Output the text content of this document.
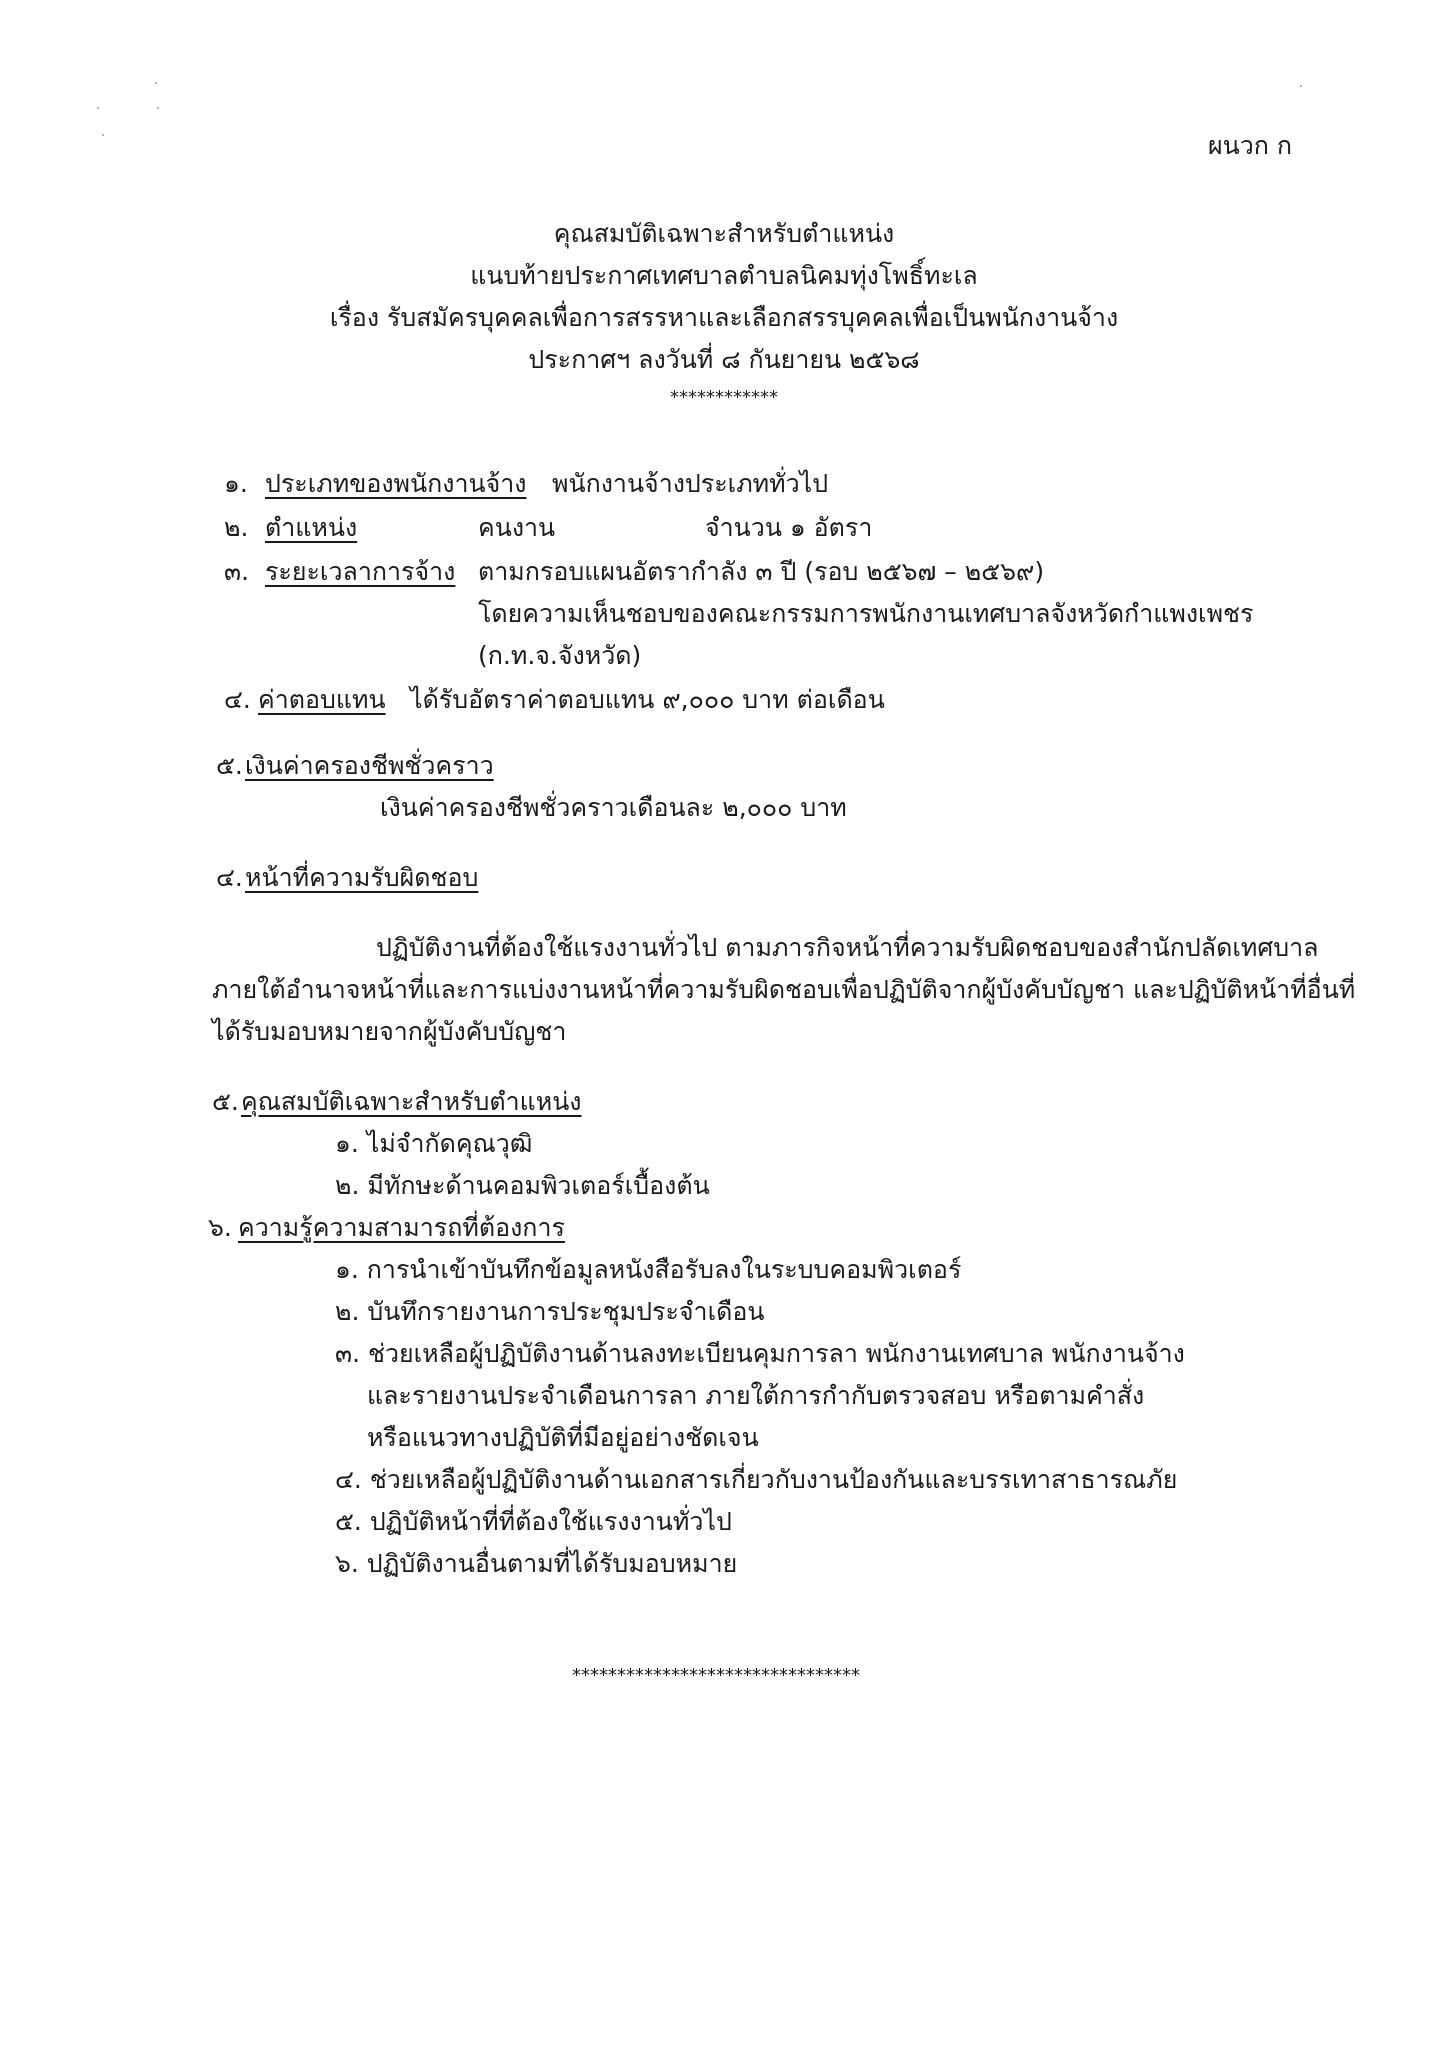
ผนวก ก
คุณสมบัติเฉพาะสำหรับตำแหน่ง
แนบท้ายประกาศเทศบาลตำบลนิคมทุ่งโพธิ์ทะเล
เรื่อง รับสมัครบุคคลเพื่อการสรรหาและเลือกสรรบุคคลเพื่อเป็นพนักงานจ้าง
ประกาศฯ ลงวันที่ ๘ กันยายน ๒๕๖๘
************
๑. ประเภทของพนักงานจ้าง พนักงานจ้างประเภททั่วไป
๒. ตำแหน่ง	คนงาน	จำนวน ๑ อัตรา
๓. ระยะเวลาการจ้าง ตามกรอบแผนอัตรากำลัง ๓ ปี (รอบ ๒๕๖๗ – ๒๕๖๙)
โดยความเห็นชอบของคณะกรรมการพนักงานเทศบาลจังหวัดกำแพงเพชร
(ก.ท.จ.จังหวัด)
๔. ค่าตอบแทน ได้รับอัตราค่าตอบแทน ๙,๐๐๐ บาท ต่อเดือน
๕. เงินค่าครองชีพชั่วคราว
เงินค่าครองชีพชั่วคราวเดือนละ ๒,๐๐๐ บาท
๔. หน้าที่ความรับผิดชอบ
ปฏิบัติงานที่ต้องใช้แรงงานทั่วไป ตามภารกิจหน้าที่ความรับผิดชอบของสำนักปลัดเทศบาล
ภายใต้อำนาจหน้าที่และการแบ่งงานหน้าที่ความรับผิดชอบเพื่อปฏิบัติจากผู้บังคับบัญชา และปฏิบัติหน้าที่อื่นที่
ได้รับมอบหมายจากผู้บังคับบัญชา
๕. คุณสมบัติเฉพาะสำหรับตำแหน่ง
๑. ไม่จำกัดคุณวุฒิ
๒. มีทักษะด้านคอมพิวเตอร์เบื้องต้น
๖. ความรู้ความสามารถที่ต้องการ
๑. การนำเข้าบันทึกข้อมูลหนังสือรับลงในระบบคอมพิวเตอร์
๒. บันทึกรายงานการประชุมประจำเดือน
๓. ช่วยเหลือผู้ปฏิบัติงานด้านลงทะเบียนคุมการลา พนักงานเทศบาล พนักงานจ้าง
และรายงานประจำเดือนการลา ภายใต้การกำกับตรวจสอบ หรือตามคำสั่ง
หรือแนวทางปฏิบัติที่มีอยู่อย่างชัดเจน
๔. ช่วยเหลือผู้ปฏิบัติงานด้านเอกสารเกี่ยวกับงานป้องกันและบรรเทาสาธารณภัย
๕. ปฏิบัติหน้าที่ที่ต้องใช้แรงงานทั่วไป
๖. ปฏิบัติงานอื่นตามที่ได้รับมอบหมาย
********************************
